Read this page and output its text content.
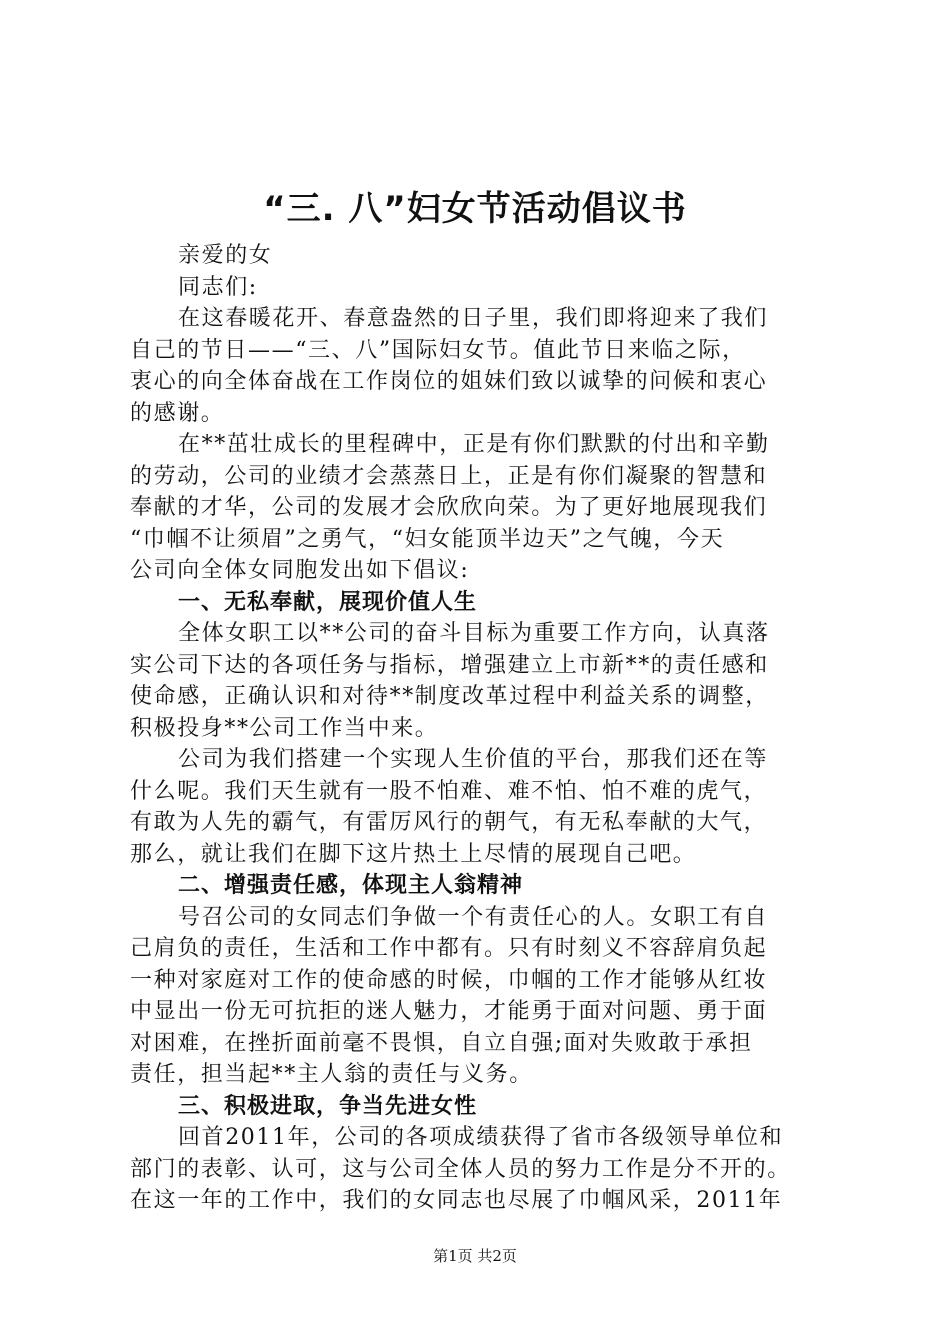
“三. 八”妇女节活动倡议书
亲爱的女
同志们:
在这春暖花开、春意盎然的日子里，我们即将迎来了我们
自己的节日——“三、八”国际妇女节。值此节日来临之际，
衷心的向全体奋战在工作岗位的姐妹们致以诚挚的问候和衷心
的感谢。
在**茁壮成长的里程碑中，正是有你们默默的付出和辛勤
的劳动，公司的业绩才会蒸蒸日上，正是有你们凝聚的智慧和
奉献的才华，公司的发展才会欣欣向荣。为了更好地展现我们
“巾帼不让须眉”之勇气，“妇女能顶半边天”之气魄，今天
公司向全体女同胞发出如下倡议:
一、无私奉献，展现价值人生
全体女职工以**公司的奋斗目标为重要工作方向，认真落
实公司下达的各项任务与指标，增强建立上市新**的责任感和
使命感，正确认识和对待**制度改革过程中利益关系的调整，
积极投身**公司工作当中来。
公司为我们搭建一个实现人生价值的平台，那我们还在等
什么呢。我们天生就有一股不怕难、难不怕、怕不难的虎气，
有敢为人先的霸气，有雷厉风行的朝气，有无私奉献的大气，
那么，就让我们在脚下这片热土上尽情的展现自己吧。
二、增强责任感，体现主人翁精神
号召公司的女同志们争做一个有责任心的人。女职工有自
己肩负的责任，生活和工作中都有。只有时刻义不容辞肩负起
一种对家庭对工作的使命感的时候，巾帼的工作才能够从红妆
中显出一份无可抗拒的迷人魅力，才能勇于面对问题、勇于面
对困难，在挫折面前毫不畏惧，自立自强;面对失败敢于承担
责任，担当起**主人翁的责任与义务。
三、积极进取，争当先进女性
回首2011年，公司的各项成绩获得了省市各级领导单位和
部门的表彰、认可，这与公司全体人员的努力工作是分不开的。
在这一年的工作中，我们的女同志也尽展了巾帼风采，2011年
第1页 共2页
